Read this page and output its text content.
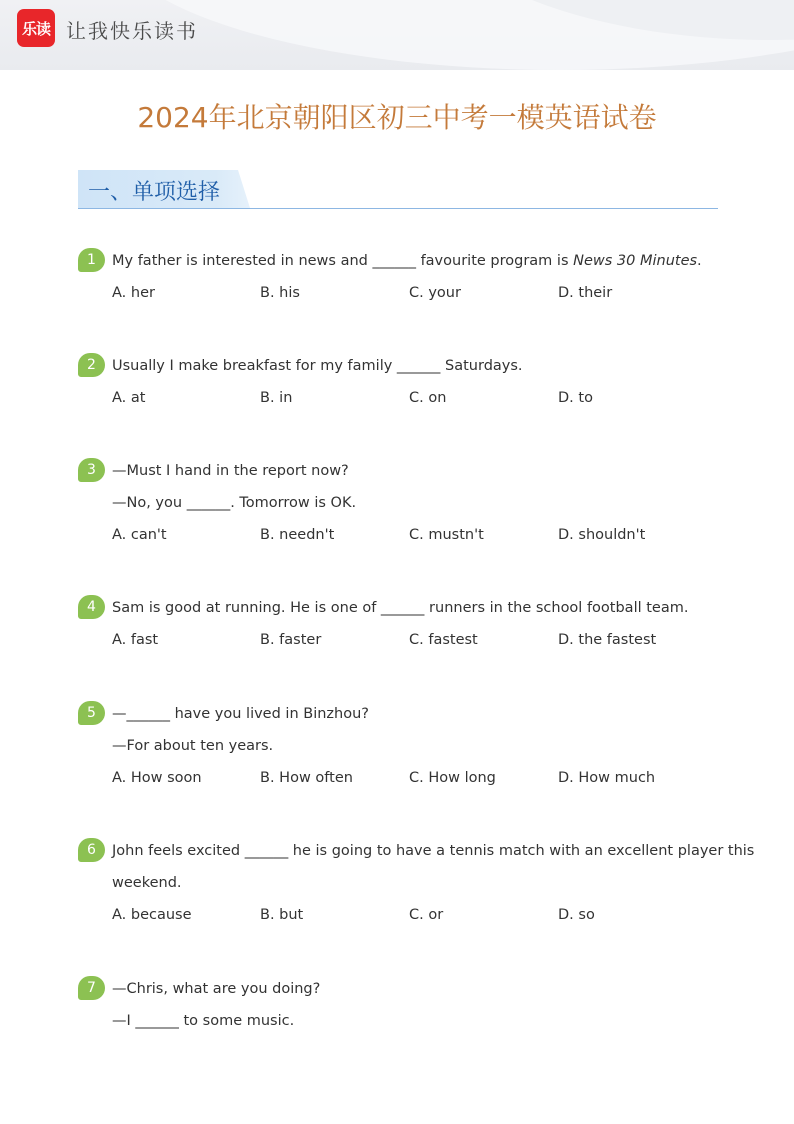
乐读 让我快乐读书
2024年北京朝阳区初三中考一模英语试卷
一、单项选择
1	My father is interested in news and ______ favourite program is News 30 Minutes.
A. her	B. his	C. your	D. their
2	Usually I make breakfast for my family ______ Saturdays.
A. at	B. in	C. on	D. to
3	—Must I hand in the report now?
—No, you ______. Tomorrow is OK.
A. can't	B. needn't	C. mustn't	D. shouldn't
4	Sam is good at running. He is one of ______ runners in the school football team.
A. fast	B. faster	C. fastest	D. the fastest
5	—______ have you lived in Binzhou?
—For about ten years.
A. How soon	B. How often	C. How long	D. How much
6	John feels excited ______ he is going to have a tennis match with an excellent player this
weekend.
A. because	B. but	C. or	D. so
7	—Chris, what are you doing?
—I ______ to some music.
